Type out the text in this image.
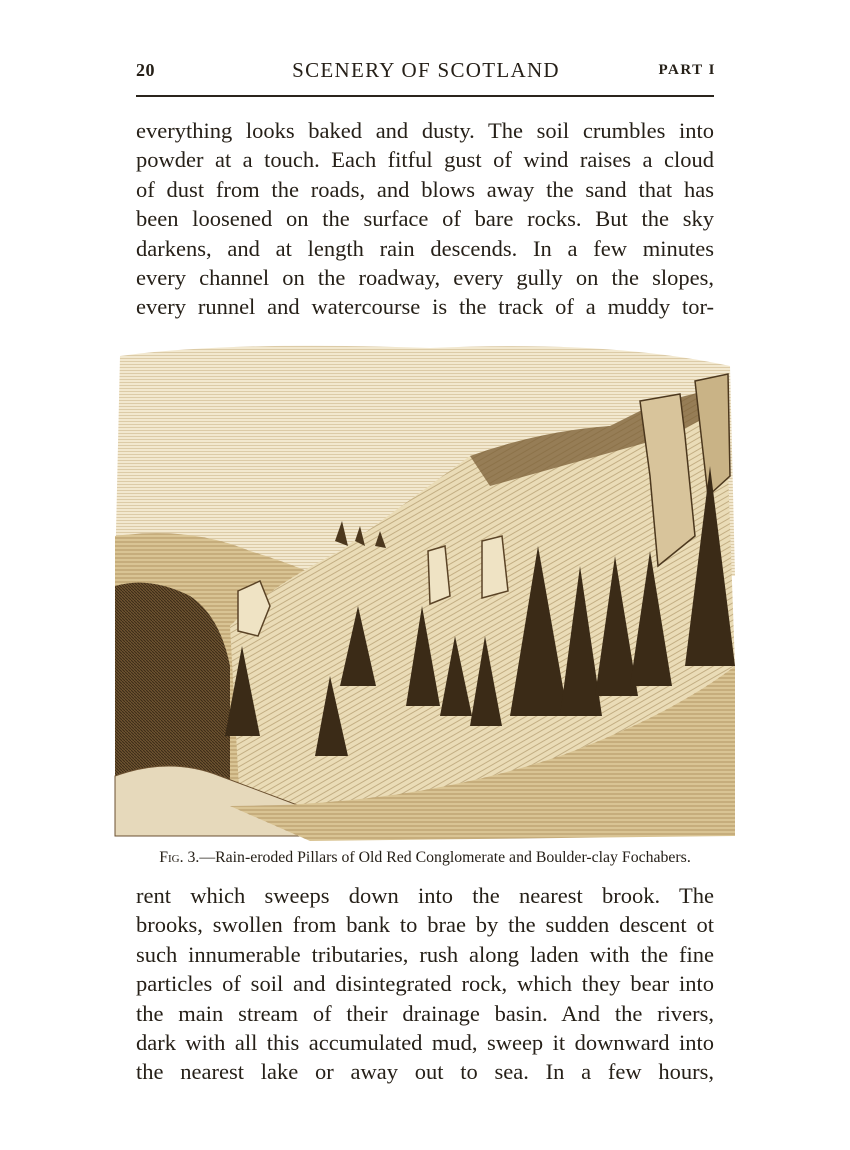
20	SCENERY OF SCOTLAND	PART I
everything looks baked and dusty. The soil crumbles into
powder at a touch. Each fitful gust of wind raises a cloud
of dust from the roads, and blows away the sand that has
been loosened on the surface of bare rocks. But the sky
darkens, and at length rain descends. In a few minutes
every channel on the roadway, every gully on the slopes,
every runnel and watercourse is the track of a muddy tor-
Fig. 3.—Rain-eroded Pillars of Old Red Conglomerate and Boulder-clay Fochabers.
rent which sweeps down into the nearest brook. The
brooks, swollen from bank to brae by the sudden descent ot
such innumerable tributaries, rush along laden with the fine
particles of soil and disintegrated rock, which they bear into
the main stream of their drainage basin. And the rivers,
dark with all this accumulated mud, sweep it downward into
the nearest lake or away out to sea. In a few hours,
